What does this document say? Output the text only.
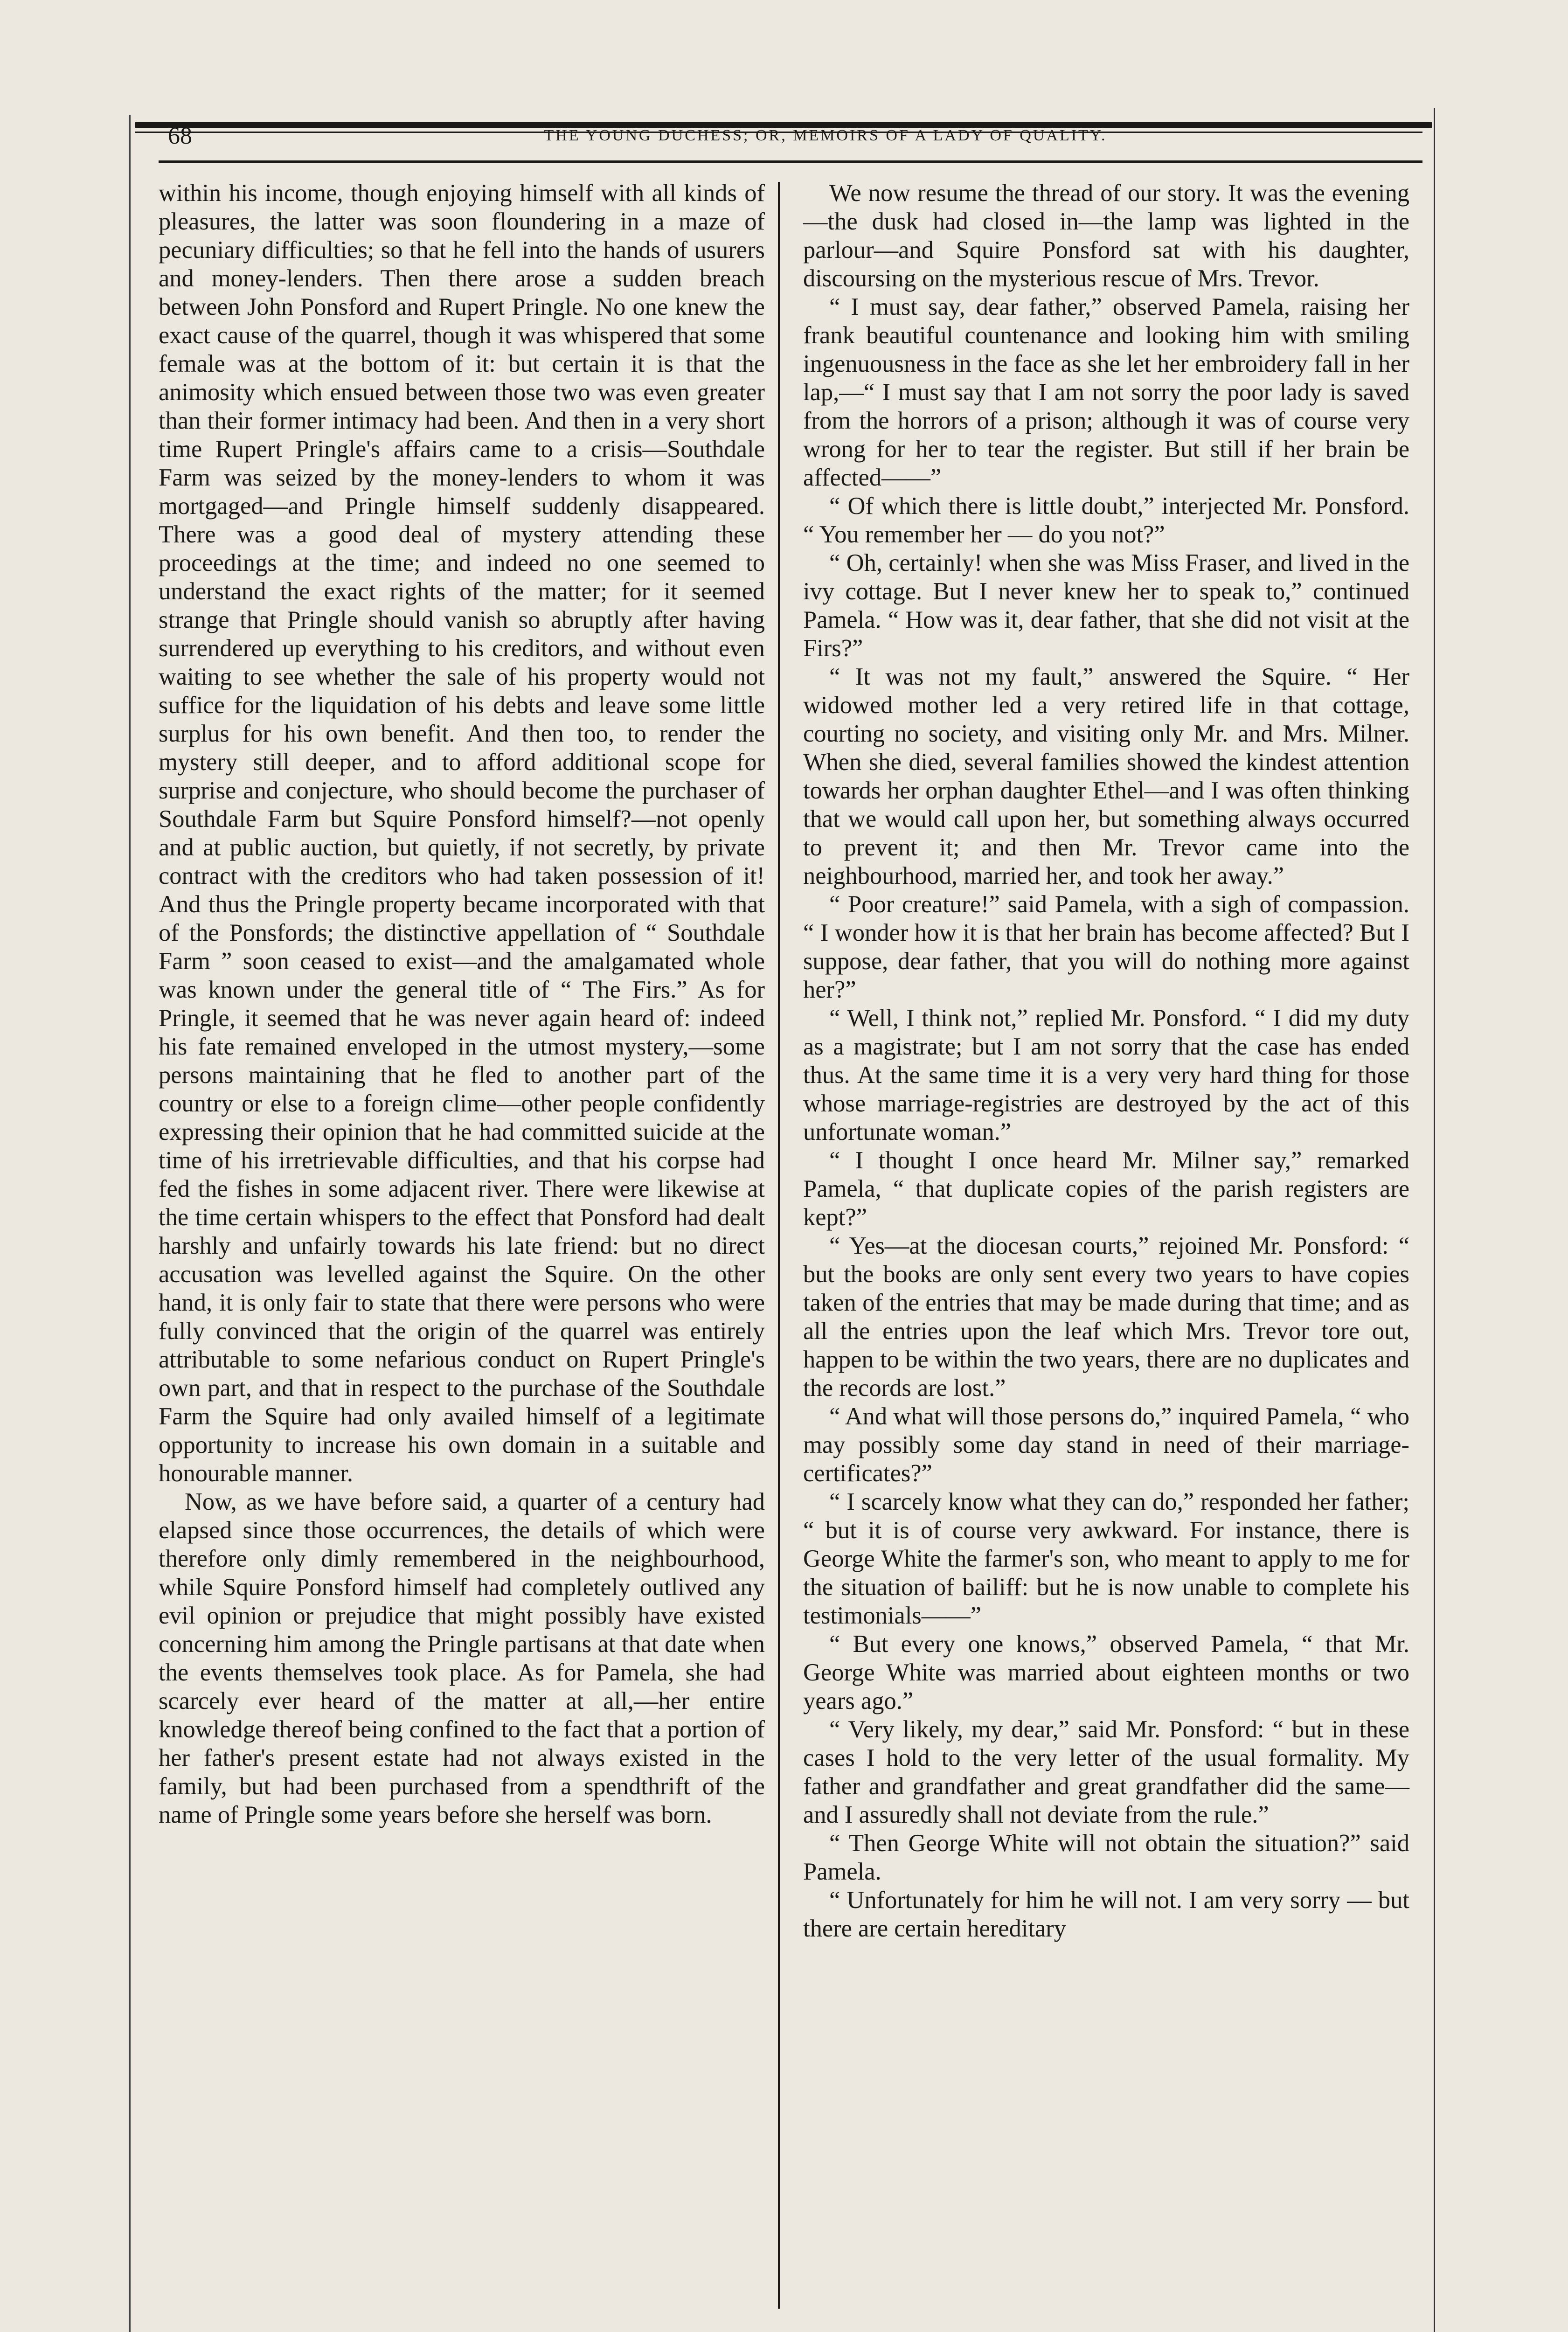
68	THE YOUNG DUCHESS; OR, MEMOIRS OF A LADY OF QUALITY.

within his income, though enjoying himself with all kinds of pleasures, the latter was soon floundering in a maze of pecuniary difficulties; so that he fell into the hands of usurers and money-lenders. Then there arose a sudden breach between John Ponsford and Rupert Pringle. No one knew the exact cause of the quarrel, though it was whispered that some female was at the bottom of it: but certain it is that the animosity which ensued between those two was even greater than their former intimacy had been. And then in a very short time Rupert Pringle's affairs came to a crisis—Southdale Farm was seized by the money-lenders to whom it was mortgaged—and Pringle himself suddenly disappeared. There was a good deal of mystery attending these proceedings at the time; and indeed no one seemed to understand the exact rights of the matter; for it seemed strange that Pringle should vanish so abruptly after having surrendered up everything to his creditors, and without even waiting to see whether the sale of his property would not suffice for the liquidation of his debts and leave some little surplus for his own benefit. And then too, to render the mystery still deeper, and to afford additional scope for surprise and conjecture, who should become the purchaser of Southdale Farm but Squire Ponsford himself?—not openly and at public auction, but quietly, if not secretly, by private contract with the creditors who had taken possession of it! And thus the Pringle property became incorporated with that of the Ponsfords; the distinctive appellation of “ Southdale Farm ” soon ceased to exist—and the amalgamated whole was known under the general title of “ The Firs.” As for Pringle, it seemed that he was never again heard of: indeed his fate remained enveloped in the utmost mystery,—some persons maintaining that he fled to another part of the country or else to a foreign clime—other people confidently expressing their opinion that he had committed suicide at the time of his irretrievable difficulties, and that his corpse had fed the fishes in some adjacent river. There were likewise at the time certain whispers to the effect that Ponsford had dealt harshly and unfairly towards his late friend: but no direct accusation was levelled against the Squire. On the other hand, it is only fair to state that there were persons who were fully convinced that the origin of the quarrel was entirely attributable to some nefarious conduct on Rupert Pringle's own part, and that in respect to the purchase of the Southdale Farm the Squire had only availed himself of a legitimate opportunity to increase his own domain in a suitable and honourable manner.

Now, as we have before said, a quarter of a century had elapsed since those occurrences, the details of which were therefore only dimly remembered in the neighbourhood, while Squire Ponsford himself had completely outlived any evil opinion or prejudice that might possibly have existed concerning him among the Pringle partisans at that date when the events themselves took place. As for Pamela, she had scarcely ever heard of the matter at all,—her entire knowledge thereof being confined to the fact that a portion of her father's present estate had not always existed in the family, but had been purchased from a spendthrift of the name of Pringle some years before she herself was born.

We now resume the thread of our story. It was the evening—the dusk had closed in—the lamp was lighted in the parlour—and Squire Ponsford sat with his daughter, discoursing on the mysterious rescue of Mrs. Trevor.

“ I must say, dear father,” observed Pamela, raising her frank beautiful countenance and looking him with smiling ingenuousness in the face as she let her embroidery fall in her lap,—“ I must say that I am not sorry the poor lady is saved from the horrors of a prison; although it was of course very wrong for her to tear the register. But still if her brain be affected——”

“ Of which there is little doubt,” interjected Mr. Ponsford. “ You remember her — do you not?”

“ Oh, certainly! when she was Miss Fraser, and lived in the ivy cottage. But I never knew her to speak to,” continued Pamela. “ How was it, dear father, that she did not visit at the Firs?”

“ It was not my fault,” answered the Squire. “ Her widowed mother led a very retired life in that cottage, courting no society, and visiting only Mr. and Mrs. Milner. When she died, several families showed the kindest attention towards her orphan daughter Ethel—and I was often thinking that we would call upon her, but something always occurred to prevent it; and then Mr. Trevor came into the neighbourhood, married her, and took her away.”

“ Poor creature!” said Pamela, with a sigh of compassion. “ I wonder how it is that her brain has become affected? But I suppose, dear father, that you will do nothing more against her?”

“ Well, I think not,” replied Mr. Ponsford. “ I did my duty as a magistrate; but I am not sorry that the case has ended thus. At the same time it is a very very hard thing for those whose marriage-registries are destroyed by the act of this unfortunate woman.”

“ I thought I once heard Mr. Milner say,” remarked Pamela, “ that duplicate copies of the parish registers are kept?”

“ Yes—at the diocesan courts,” rejoined Mr. Ponsford: “ but the books are only sent every two years to have copies taken of the entries that may be made during that time; and as all the entries upon the leaf which Mrs. Trevor tore out, happen to be within the two years, there are no duplicates and the records are lost.”

“ And what will those persons do,” inquired Pamela, “ who may possibly some day stand in need of their marriage-certificates?”

“ I scarcely know what they can do,” responded her father; “ but it is of course very awkward. For instance, there is George White the farmer's son, who meant to apply to me for the situation of bailiff: but he is now unable to complete his testimonials——”

“ But every one knows,” observed Pamela, “ that Mr. George White was married about eighteen months or two years ago.”

“ Very likely, my dear,” said Mr. Ponsford: “ but in these cases I hold to the very letter of the usual formality. My father and grandfather and great grandfather did the same—and I assuredly shall not deviate from the rule.”

“ Then George White will not obtain the situation?” said Pamela.

“ Unfortunately for him he will not. I am very sorry — but there are certain hereditary
